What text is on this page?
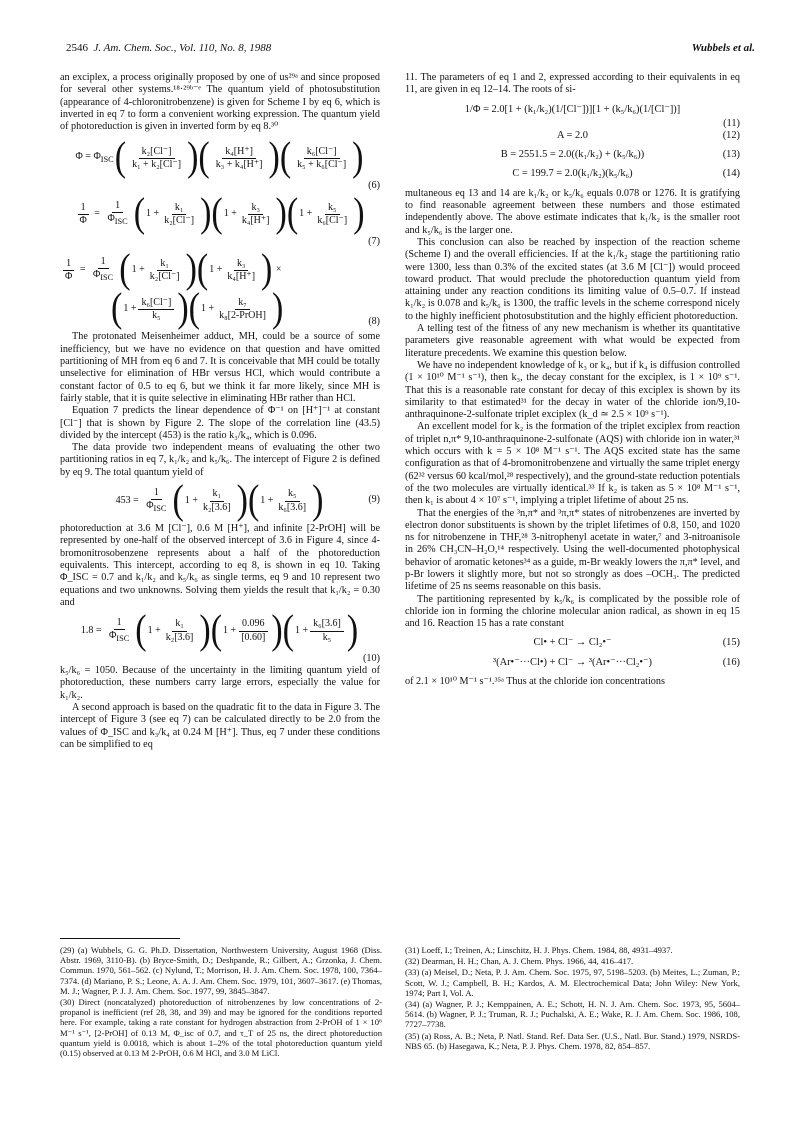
2546 J. Am. Chem. Soc., Vol. 110, No. 8, 1988	Wubbels et al.

an exciplex, a process originally proposed by one of us²⁹ᵃ and since proposed for several other systems.¹⁸·²⁹ᵇ⁻ᵉ The quantum yield of photosubstitution (appearance of 4-chloronitrobenzene) is given for Scheme I by eq 6, which is inverted in eq 7 to form a convenient working expression. The quantum yield of photoreduction is given in inverted form by eq 8.³⁰

$\Phi = \Phi_{ISC}$ ( $\frac{\text{k₂[Cl⁻]}}{\text{k₁ + k₂[Cl⁻]}}$ )( $\frac{\text{k₄[H⁺]}}{\text{k₃ + k₄[H⁺]}}$ )( $\frac{\text{k₆[Cl⁻]}}{\text{k₅ + k₆[Cl⁻]}}$ )
(6)
$\frac{1}{\Phi} = \frac{1}{\Phi_{ISC}}$ ( $1 + \frac{\text{k₁}}{\text{k₂[Cl⁻]}}$ )( $1 + \frac{\text{k₃}}{\text{k₄[H⁺]}}$ )( $1 + \frac{\text{k₅}}{\text{k₆[Cl⁻]}}$ )
(7)
$\frac{1}{\Phi} = \frac{1}{\Phi_{ISC}}$ ( $1 + \frac{\text{k₁}}{\text{k₂[Cl⁻]}}$ )( $1 + \frac{\text{k₃}}{\text{k₄[H⁺]}}$ )
×
( $1 + \frac{\text{k₆[Cl⁻]}}{\text{k₅}}$ )( $1 + \frac{\text{k₇}}{\text{k₈[2-PrOH]}}$ )	(8)

The protonated Meisenheimer adduct, MH, could be a source of some inefficiency, but we have no evidence on that question and have omitted partitioning of MH from eq 6 and 7. It is conceivable that MH could be totally unselective for elimination of HBr versus HCl, which would contribute a constant factor of 0.5 to eq 6, but we think it far more likely, since MH is fairly stable, that it is quite selective in eliminating HBr rather than HCl.

Equation 7 predicts the linear dependence of Φ⁻¹ on [H⁺]⁻¹ at constant [Cl⁻] that is shown by Figure 2. The slope of the correlation line (43.5) divided by the intercept (453) is the ratio k₃/k₄, which is 0.096.

The data provide two independent means of evaluating the other two partitioning ratios in eq 7, k₁/k₂ and k₅/k₆. The intercept of Figure 2 is defined by eq 9. The total quantum yield of

453 =
$\frac{1}{\Phi_{ISC}}$ ( $1 + \frac{\text{k₁}}{\text{k₂[3.6]}}$ )( $1 + \frac{\text{k₅}}{\text{k₆[3.6]}}$ )	(9)

photoreduction at 3.6 M [Cl⁻], 0.6 M [H⁺], and infinite [2-PrOH] will be represented by one-half of the observed intercept of 3.6 in Figure 4, since 4-bromonitrosobenzene represents about a half of the photoreduction equivalents. This intercept, according to eq 8, is shown in eq 10. Taking Φ_ISC = 0.7 and k₁/k₂ and k₅/k₆ as single terms, eq 9 and 10 represent two equations and two unknowns. Solving them yields the result that k₁/k₂ = 0.30 and

1.8 =
$\frac{1}{\Phi_{ISC}}$ ( $1 + \frac{\text{k₁}}{\text{k₂[3.6]}}$ )( $1 + \frac{0.096}{[0.60]}$ )( $1 + \frac{\text{k₆[3.6]}}{\text{k₅}}$ )
(10)

k₅/k₆ = 1050. Because of the uncertainty in the limiting quantum yield of photoreduction, these numbers carry large errors, especially the value for k₁/k₂.

A second approach is based on the quadratic fit to the data in Figure 3. The intercept of Figure 3 (see eq 7) can be calculated directly to be 2.0 from the values of Φ_ISC and k₃/k₄ at 0.24 M [H⁺]. Thus, eq 7 under these conditions can be simplified to eq

11. The parameters of eq 1 and 2, expressed according to their equivalents in eq 11, are given in eq 12–14. The roots of si-

1/Φ = 2.0[1 + (k₁/k₂)(1/[Cl⁻])][1 + (k₅/k₆)(1/[Cl⁻])]
(11)
A = 2.0	(12)
B = 2551.5 = 2.0((k₁/k₂) + (k₅/k₆))	(13)
C = 199.7 = 2.0(k₁/k₂)(k₅/k₆)	(14)

multaneous eq 13 and 14 are k₁/k₂ or k₅/k₆ equals 0.078 or 1276. It is gratifying to find reasonable agreement between these numbers and those estimated independently above. The above estimate indicates that k₁/k₂ is the smaller root and k₅/k₆ is the larger one.

This conclusion can also be reached by inspection of the reaction scheme (Scheme I) and the overall efficiencies. If at the k₁/k₂ stage the partitioning ratio were 1300, less than 0.3% of the excited states (at 3.6 M [Cl⁻]) would proceed toward product. That would preclude the photoreduction quantum yield from attaining under any reaction conditions its limiting value of 0.5–0.7. If instead k₁/k₂ is 0.078 and k₅/k₆ is 1300, the traffic levels in the scheme correspond nicely to the highly inefficient photosubstitution and the highly efficient photoreduction.

A telling test of the fitness of any new mechanism is whether its quantitative parameters give reasonable agreement with what would be expected from literature precedents. We examine this question below.

We have no independent knowledge of k₃ or k₄, but if k₄ is diffusion controlled (1 × 10¹⁰ M⁻¹ s⁻¹), then k₃, the decay constant for the exciplex, is 1 × 10⁹ s⁻¹. That this is a reasonable rate constant for decay of this exciplex is shown by its similarity to that estimated³¹ for the decay in water of the chloride ion/9,10-anthraquinone-2-sulfonate triplet exciplex (k_d ≃ 2.5 × 10⁹ s⁻¹).

An excellent model for k₂ is the formation of the triplet exciplex from reaction of triplet n,π* 9,10-anthraquinone-2-sulfonate (AQS) with chloride ion in water,³¹ which occurs with k = 5 × 10⁸ M⁻¹ s⁻¹. The AQS excited state has the same configuration as that of 4-bromonitrobenzene and virtually the same triplet energy (62³² versus 60 kcal/mol,²⁸ respectively), and the ground-state reduction potentials of the two molecules are virtually identical.³³ If k₂ is taken as 5 × 10⁸ M⁻¹ s⁻¹, then k₁ is about 4 × 10⁷ s⁻¹, implying a triplet lifetime of about 25 ns.

That the energies of the ³n,π* and ³π,π* states of nitrobenzenes are inverted by electron donor substituents is shown by the triplet lifetimes of 0.8, 150, and 1020 ns for nitrobenzene in THF,²⁸ 3-nitrophenyl acetate in water,⁷ and 3-nitroanisole in 26% CH₃CN–H₂O,¹⁴ respectively. Using the well-documented photophysical behavior of aromatic ketones³⁴ as a guide, m-Br weakly lowers the π,π* level, and p-Br lowers it slightly more, but not so strongly as does –OCH₃. The predicted lifetime of 25 ns seems reasonable on this basis.

The partitioning represented by k₅/k₆ is complicated by the possible role of chloride ion in forming the chlorine molecular anion radical, as shown in eq 15 and 16. Reaction 15 has a rate constant

Cl• + Cl⁻ → Cl₂•⁻	(15)
³(Ar•⁻···Cl•) + Cl⁻ → ³(Ar•⁻···Cl₂•⁻)	(16)

of 2.1 × 10¹⁰ M⁻¹ s⁻¹.³⁵ᵃ Thus at the chloride ion concentrations

(29) (a) Wubbels, G. G. Ph.D. Dissertation, Northwestern University, August 1968 (Diss. Abstr. 1969, 3110-B). (b) Bryce-Smith, D.; Deshpande, R.; Gilbert, A.; Grzonka, J. Chem. Commun. 1970, 561–562. (c) Nylund, T.; Morrison, H. J. Am. Chem. Soc. 1978, 100, 7364–7374. (d) Mariano, P. S.; Leone, A. A. J. Am. Chem. Soc. 1979, 101, 3607–3617. (e) Thomas, M. J.; Wagner, P. J. J. Am. Chem. Soc. 1977, 99, 3845–3847.

(30) Direct (noncatalyzed) photoreduction of nitrobenzenes by low concentrations of 2-propanol is inefficient (ref 28, 38, and 39) and may be ignored for the conditions reported here. For example, taking a rate constant for hydrogen abstraction from 2-PrOH of 1 × 10⁶ M⁻¹ s⁻¹, [2-PrOH] of 0.13 M, Φ_isc of 0.7, and τ_T of 25 ns, the direct photoreduction quantum yield is 0.0018, which is about 1–2% of the total photoreduction quantum yield (0.15) observed at 0.13 M 2-PrOH, 0.6 M HCl, and 3.0 M LiCl.

(31) Loeff, I.; Treinen, A.; Linschitz, H. J. Phys. Chem. 1984, 88, 4931–4937.

(32) Dearman, H. H.; Chan, A. J. Chem. Phys. 1966, 44, 416–417.

(33) (a) Meisel, D.; Neta, P. J. Am. Chem. Soc. 1975, 97, 5198–5203. (b) Meites, L.; Zuman, P.; Scott, W. J.; Campbell, B. H.; Kardos, A. M. Electrochemical Data; John Wiley: New York, 1974; Part I, Vol. A.

(34) (a) Wagner, P. J.; Kemppainen, A. E.; Schott, H. N. J. Am. Chem. Soc. 1973, 95, 5604–5614. (b) Wagner, P. J.; Truman, R. J.; Puchalski, A. E.; Wake, R. J. Am. Chem. Soc. 1986, 108, 7727–7738.

(35) (a) Ross, A. B.; Neta, P. Natl. Stand. Ref. Data Ser. (U.S., Natl. Bur. Stand.) 1979, NSRDS-NBS 65. (b) Hasegawa, K.; Neta, P. J. Phys. Chem. 1978, 82, 854–857.
